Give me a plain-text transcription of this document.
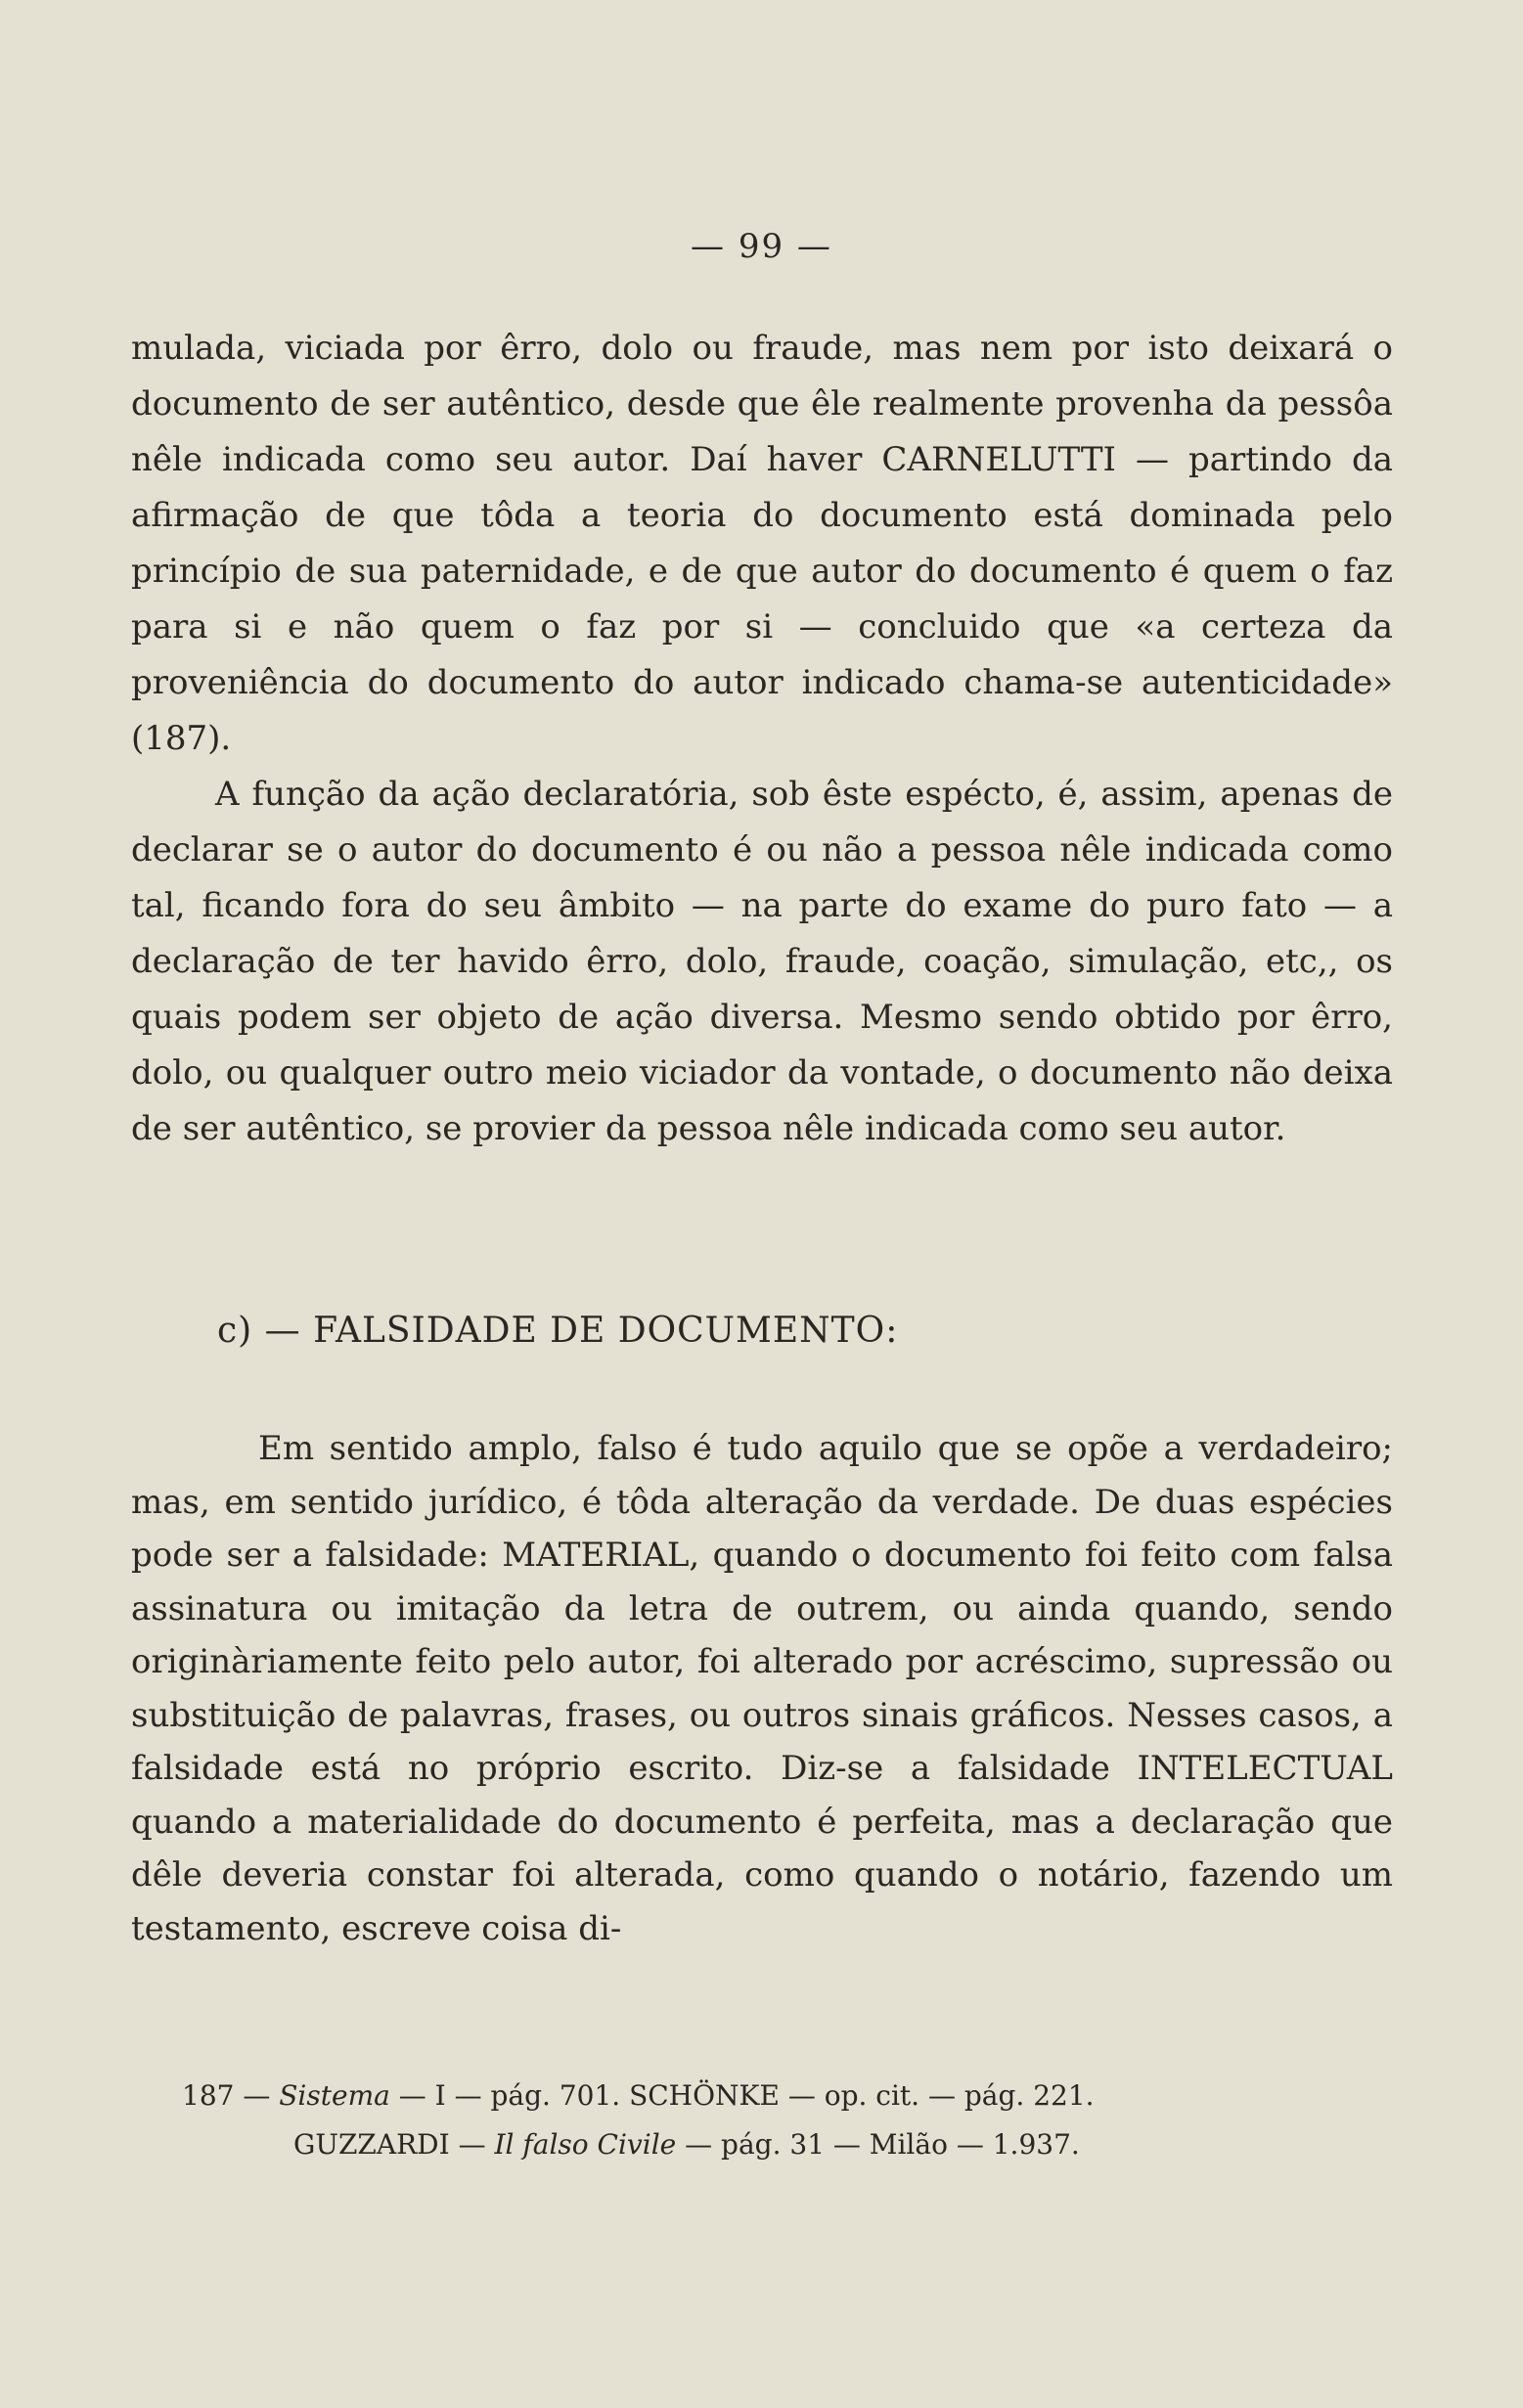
— 99 —

mulada, viciada por êrro, dolo ou fraude, mas nem por isto deixará o documento de ser autêntico, desde que êle realmente provenha da pessôa nêle indicada como seu autor. Daí haver CARNELUTTI — partindo da afirmação de que tôda a teoria do documento está dominada pelo princípio de sua paternidade, e de que autor do documento é quem o faz para si e não quem o faz por si — concluido que «a certeza da proveniência do documento do autor indicado chama-se autenticidade» (187).

A função da ação declaratória, sob êste espécto, é, assim, apenas de declarar se o autor do documento é ou não a pessoa nêle indicada como tal, ficando fora do seu âmbito — na parte do exame do puro fato — a declaração de ter havido êrro, dolo, fraude, coação, simulação, etc,, os quais podem ser objeto de ação diversa. Mesmo sendo obtido por êrro, dolo, ou qualquer outro meio viciador da vontade, o documento não deixa de ser autêntico, se provier da pessoa nêle indicada como seu autor.

c) — FALSIDADE DE DOCUMENTO:

Em sentido amplo, falso é tudo aquilo que se opõe a verdadeiro; mas, em sentido jurídico, é tôda alteração da verdade. De duas espécies pode ser a falsidade: MATERIAL, quando o documento foi feito com falsa assinatura ou imitação da letra de outrem, ou ainda quando, sendo originàriamente feito pelo autor, foi alterado por acréscimo, supressão ou substituição de palavras, frases, ou outros sinais gráficos. Nesses casos, a falsidade está no próprio escrito. Diz-se a falsidade INTELECTUAL quando a materialidade do documento é perfeita, mas a declaração que dêle deveria constar foi alterada, como quando o notário, fazendo um testamento, escreve coisa di-

187 — Sistema — I — pág. 701. SCHÖNKE — op. cit. — pág. 221.
GUZZARDI — Il falso Civile — pág. 31 — Milão — 1.937.
